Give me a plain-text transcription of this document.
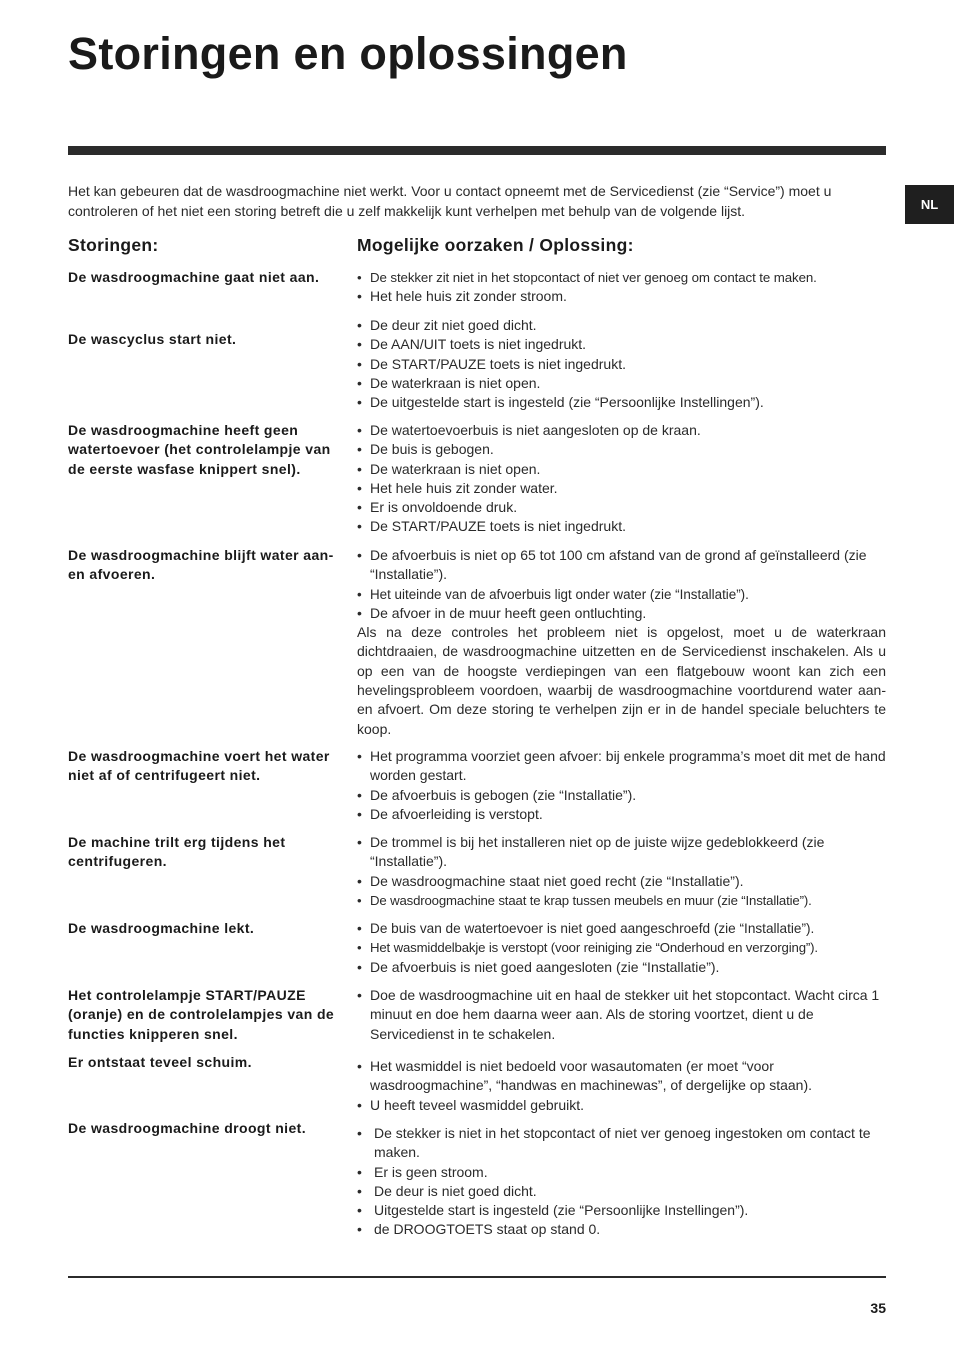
Storingen en oplossingen

Het kan gebeuren dat de wasdroogmachine niet werkt. Voor u contact opneemt met de Servicedienst (zie “Service”) moet u controleren of het niet een storing betreft die u zelf makkelijk kunt verhelpen met behulp van de volgende lijst.	NL
Storingen:	Mogelijke oorzaken / Oplossing:
De wasdroogmachine gaat niet aan.	• De stekker zit niet in het stopcontact of niet ver genoeg om contact te maken.
• Het hele huis zit zonder stroom.
De wascyclus start niet.
• De deur zit niet goed dicht.
• De AAN/UIT toets is niet ingedrukt.
• De START/PAUZE toets is niet ingedrukt.
• De waterkraan is niet open.
• De uitgestelde start is ingesteld (zie “Persoonlijke Instellingen”).
De wasdroogmachine heeft geen watertoevoer (het controlelampje van de eerste wasfase knippert snel).
• De watertoevoerbuis is niet aangesloten op de kraan.
• De buis is gebogen.
• De waterkraan is niet open.
• Het hele huis zit zonder water.
• Er is onvoldoende druk.
• De START/PAUZE toets is niet ingedrukt.
De wasdroogmachine blijft water aan- en afvoeren.
• De afvoerbuis is niet op 65 tot 100 cm afstand van de grond af geïnstalleerd (zie “Installatie”).
• Het uiteinde van de afvoerbuis ligt onder water (zie “Installatie”).
• De afvoer in de muur heeft geen ontluchting.
Als na deze controles het probleem niet is opgelost, moet u de waterkraan dichtdraaien, de wasdroogmachine uitzetten en de Servicedienst inschakelen. Als u op een van de hoogste verdiepingen van een flatgebouw woont kan zich een hevelingsprobleem voordoen, waarbij de wasdroogmachine voortdurend water aan- en afvoert. Om deze storing te verhelpen zijn er in de handel speciale beluchters te koop.
De wasdroogmachine voert het water niet af of centrifugeert niet.
• Het programma voorziet geen afvoer: bij enkele programma’s moet dit met de hand worden gestart.
• De afvoerbuis is gebogen (zie “Installatie”).
• De afvoerleiding is verstopt.
De machine trilt erg tijdens het centrifugeren.
• De trommel is bij het installeren niet op de juiste wijze gedeblokkeerd (zie “Installatie”).
• De wasdroogmachine staat niet goed recht (zie “Installatie”).
• De wasdroogmachine staat te krap tussen meubels en muur (zie “Installatie”).
De wasdroogmachine lekt.	• De buis van de watertoevoer is niet goed aangeschroefd (zie “Installatie”).
• Het wasmiddelbakje is verstopt (voor reiniging zie “Onderhoud en verzorging”).
• De afvoerbuis is niet goed aangesloten (zie “Installatie”).
Het controlelampje START/PAUZE (oranje) en de controlelampjes van de functies knipperen snel.
• Doe de wasdroogmachine uit en haal de stekker uit het stopcontact. Wacht circa 1 minuut en doe hem daarna weer aan. Als de storing voortzet, dient u de Servicedienst in te schakelen.
Er ontstaat teveel schuim.	• Het wasmiddel is niet bedoeld voor wasautomaten (er moet “voor wasdroogmachine”, “handwas en machinewas”, of dergelijke op staan).
• U heeft teveel wasmiddel gebruikt.
De wasdroogmachine droogt niet.	• De stekker is niet in het stopcontact of niet ver genoeg ingestoken om contact te maken.
• Er is geen stroom.
• De deur is niet goed dicht.
• Uitgestelde start is ingesteld (zie “Persoonlijke Instellingen”).
• de DROOGTOETS staat op stand 0.
35
